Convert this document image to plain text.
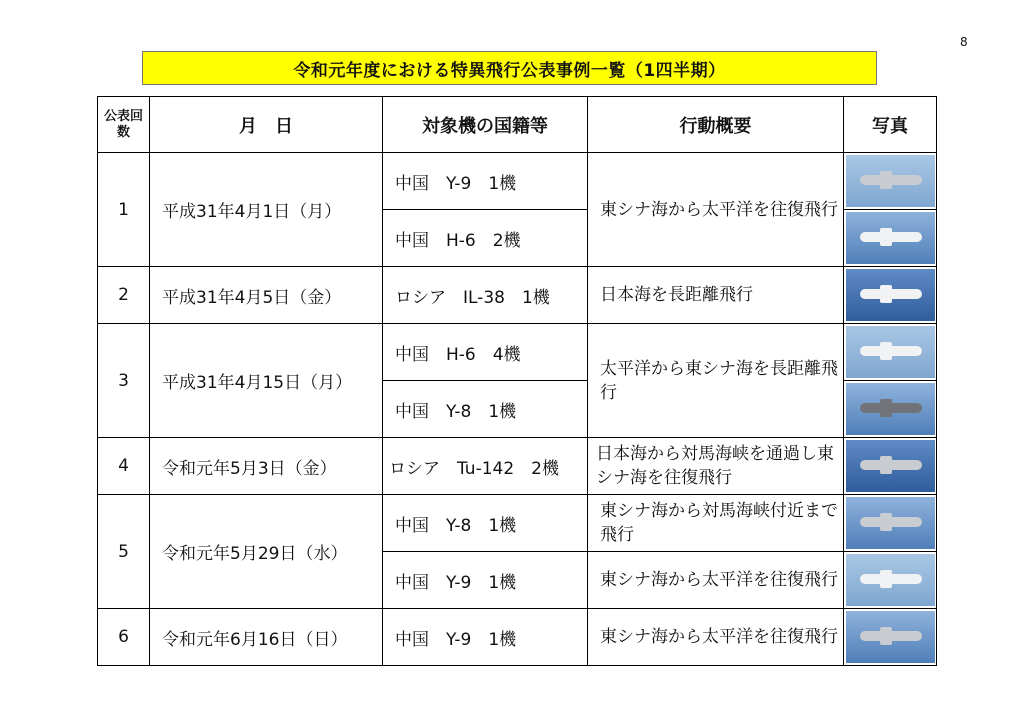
8
令和元年度における特異飛行公表事例一覧（1四半期）
公表回数	月　日	対象機の国籍等	行動概要	写真
1	平成31年4月1日（月）	中国　Y-9　1機	東シナ海から太平洋を往復飛行	

		中国　H-6　2機		

2	平成31年4月5日（金）	ロシア　IL-38　1機	日本海を長距離飛行	

3	平成31年4月15日（月）	中国　H-6　4機	太平洋から東シナ海を長距離飛行	

		中国　Y-8　1機		

4	令和元年5月3日（金）	ロシア　Tu-142　2機	日本海から対馬海峡を通過し東シナ海を往復飛行	

5	令和元年5月29日（水）	中国　Y-8　1機	東シナ海から対馬海峡付近まで飛行	

		中国　Y-9　1機	東シナ海から太平洋を往復飛行	

6	令和元年6月16日（日）	中国　Y-9　1機	東シナ海から太平洋を往復飛行	
